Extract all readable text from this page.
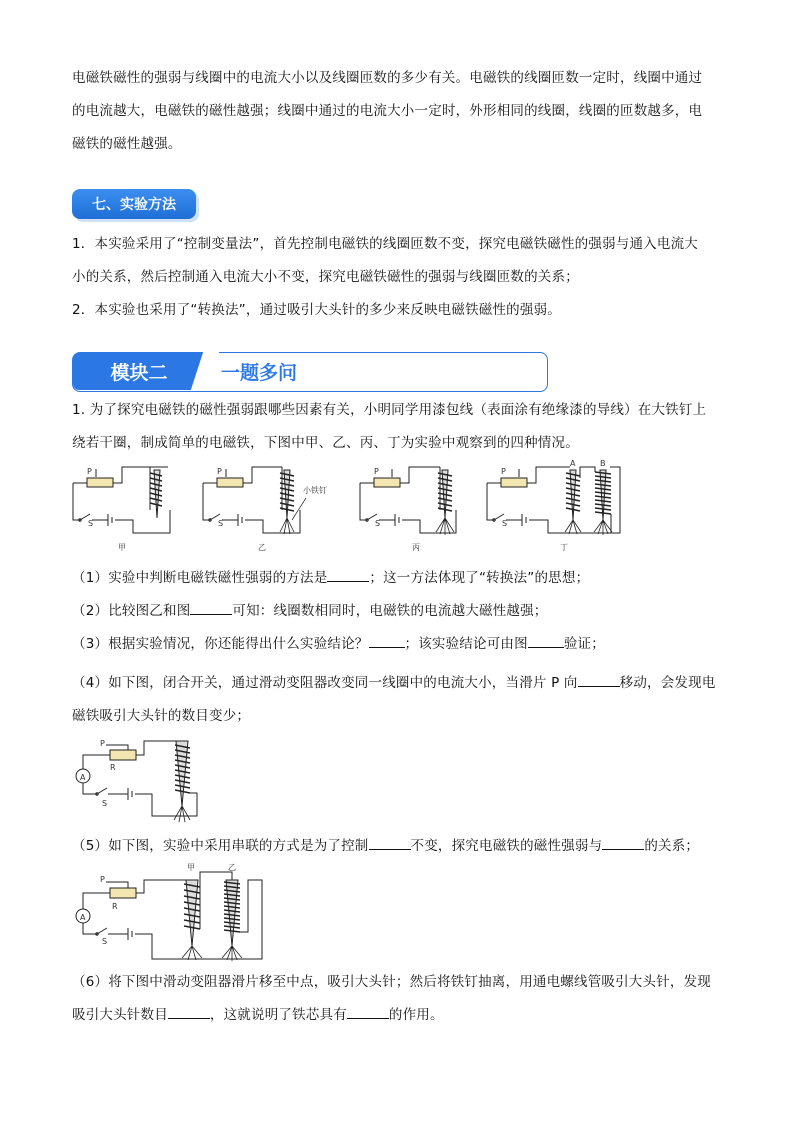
电磁铁磁性的强弱与线圈中的电流大小以及线圈匝数的多少有关。电磁铁的线圈匝数一定时，线圈中通过

的电流越大，电磁铁的磁性越强；线圈中通过的电流大小一定时，外形相同的线圈，线圈的匝数越多，电

磁铁的磁性越强。

七、实验方法

1．本实验采用了“控制变量法”，首先控制电磁铁的线圈匝数不变，探究电磁铁磁性的强弱与通入电流大

小的关系，然后控制通入电流大小不变，探究电磁铁磁性的强弱与线圈匝数的关系；

2．本实验也采用了“转换法”，通过吸引大头针的多少来反映电磁铁磁性的强弱。

模块二	一题多问

1. 为了探究电磁铁的磁性强弱跟哪些因素有关，小明同学用漆包线（表面涂有绝缘漆的导线）在大铁钉上

绕若干圈，制成简单的电磁铁，下图中甲、乙、丙、丁为实验中观察到的四种情况。

P
S
甲
P
S
小铁钉
乙
P
S
丙
P
S
A	B
丁

（1）实验中判断电磁铁磁性强弱的方法是	；这一方法体现了“转换法”的思想；

（2）比较图乙和图	可知：线圈数相同时，电磁铁的电流越大磁性越强；

（3）根据实验情况，你还能得出什么实验结论？	；该实验结论可由图	验证；

（4）如下图，闭合开关，通过滑动变阻器改变同一线圈中的电流大小，当滑片 P 向	移动，会发现电

磁铁吸引大头针的数目变少；

A
P
R
S

（5）如下图，实验中采用串联的方式是为了控制	不变，探究电磁铁的磁性强弱与	的关系；

A
P
R
S
甲	乙

（6）将下图中滑动变阻器滑片移至中点，吸引大头针；然后将铁钉抽离，用通电螺线管吸引大头针，发现

吸引大头针数目	，这就说明了铁芯具有	的作用。
